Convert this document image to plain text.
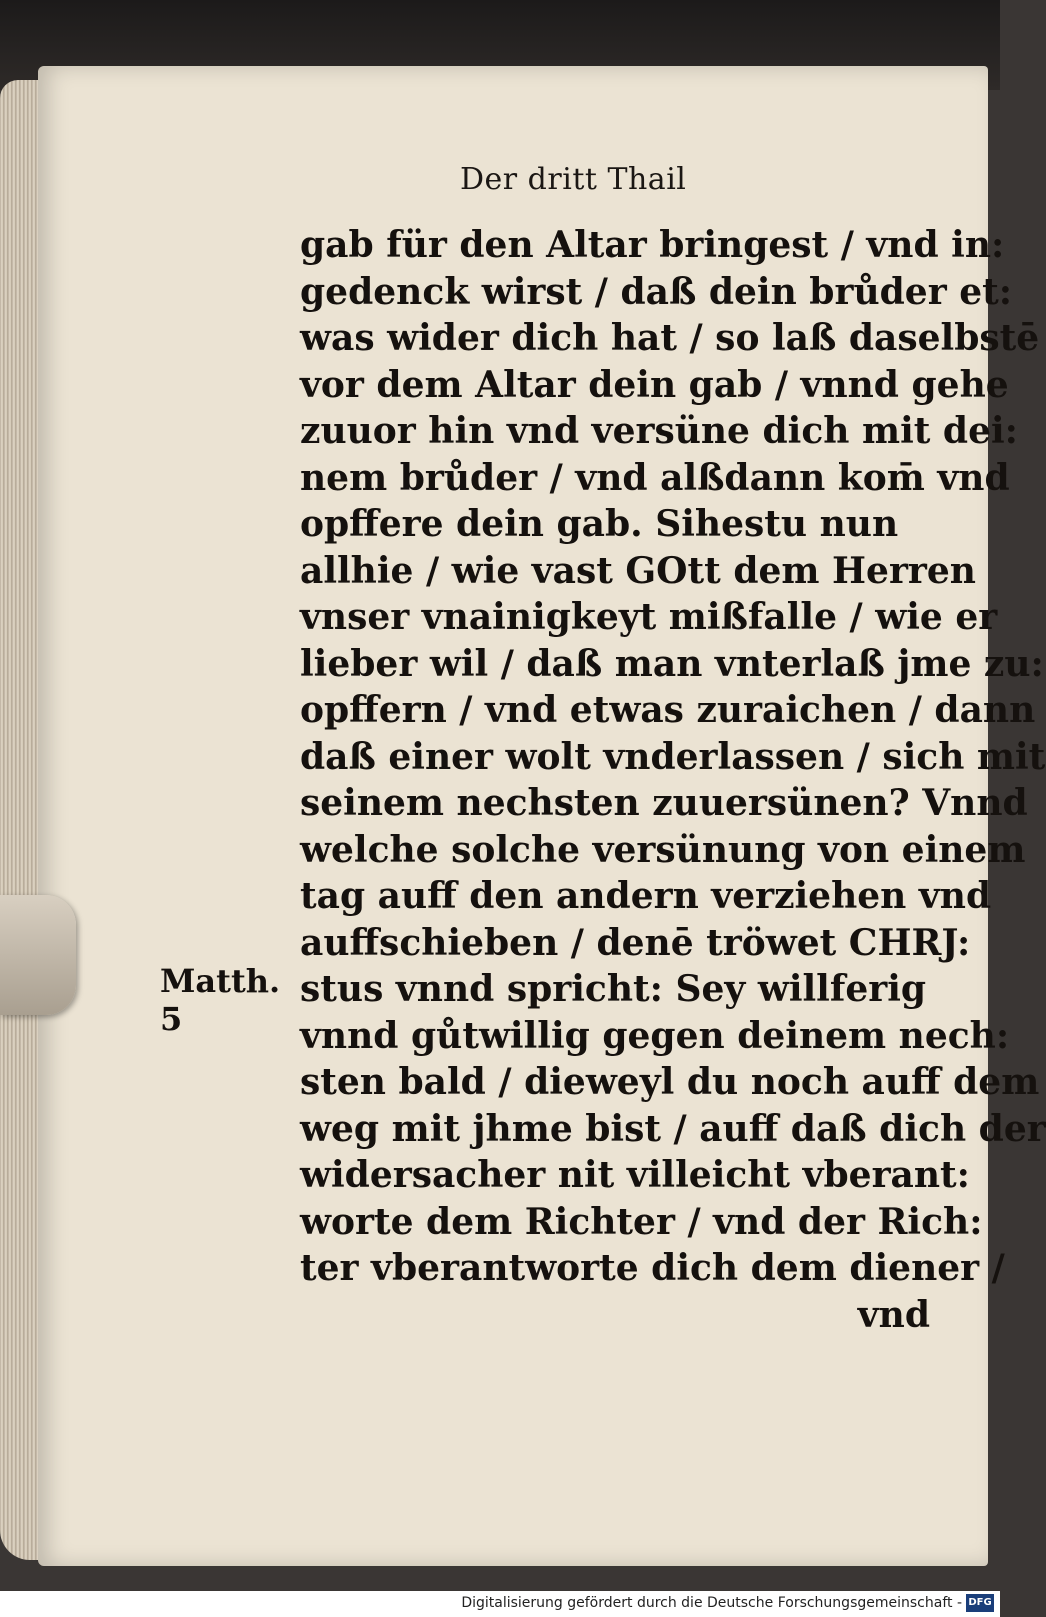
Der dritt Thail
gab für den Altar bringest / vnd in:
gedenck wirst / daß dein brůder et:
was wider dich hat / so laß daselbstē
vor dem Altar dein gab / vnnd gehe
zuuor hin vnd versüne dich mit dei:
nem brůder / vnd alßdann kom̄ vnd
opffere dein gab. Sihestu nun
allhie / wie vast GOtt dem Herren
vnser vnainigkeyt mißfalle / wie er
lieber wil / daß man vnterlaß jme zu:
opffern / vnd etwas zuraichen / dann
daß einer wolt vnderlassen / sich mit
seinem nechsten zuuersünen? Vnnd
welche solche versünung von einem
tag auff den andern verziehen vnd
auffschieben / denē tröwet CHRJ:
stus vnnd spricht: Sey willferig
vnnd gůtwillig gegen deinem nech:
sten bald / dieweyl du noch auff dem
weg mit jhme bist / auff daß dich der
widersacher nit villeicht vberant:
worte dem Richter / vnd der Rich:
ter vberantworte dich dem diener /
vnd
Matth. 5
Digitalisierung gefördert durch die Deutsche Forschungsgemeinschaft - DFG
